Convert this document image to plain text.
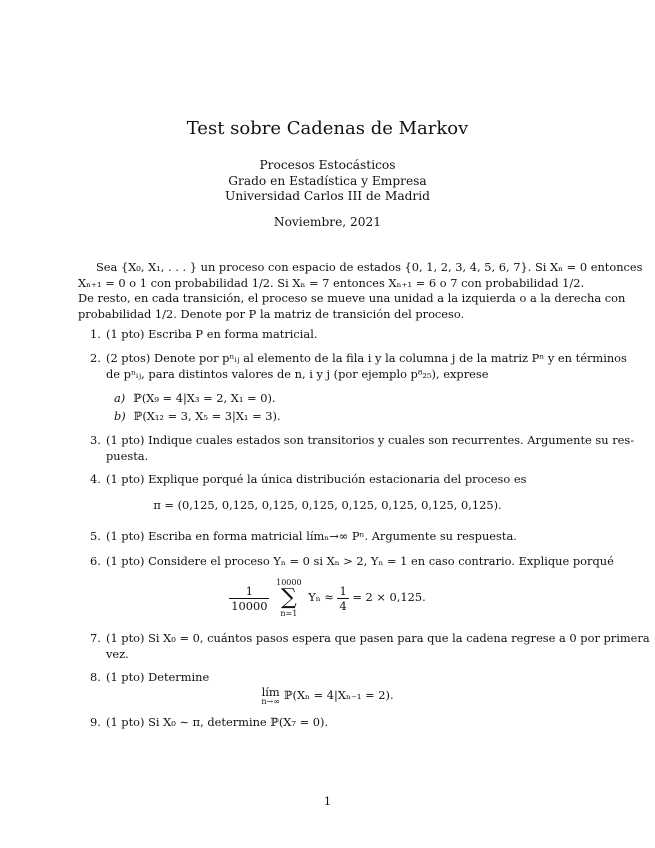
Test sobre Cadenas de Markov
Procesos Estocásticos
Grado en Estadística y Empresa
Universidad Carlos III de Madrid
Noviembre, 2021
Sea {X₀, X₁, . . . } un proceso con espacio de estados {0, 1, 2, 3, 4, 5, 6, 7}. Si Xₙ = 0 entonces
Xₙ₊₁ = 0 o 1 con probabilidad 1/2. Si Xₙ = 7 entonces Xₙ₊₁ = 6 o 7 con probabilidad 1/2.
De resto, en cada transición, el proceso se mueve una unidad a la izquierda o a la derecha con
probabilidad 1/2. Denote por P la matriz de transición del proceso.
1. (1 pto) Escriba P en forma matricial.
2. (2 ptos) Denote por pⁿᵢⱼ al elemento de la fila i y la columna j de la matriz Pⁿ y en términos
de pⁿᵢⱼ, para distintos valores de n, i y j (por ejemplo p⁸₂₅), exprese
a) ℙ(X₉ = 4|X₃ = 2, X₁ = 0).
b) ℙ(X₁₂ = 3, X₅ = 3|X₁ = 3).
3. (1 pto) Indique cuales estados son transitorios y cuales son recurrentes. Argumente su res-
puesta.
4. (1 pto) Explique porqué la única distribución estacionaria del proceso es
π = (0,125, 0,125, 0,125, 0,125, 0,125, 0,125, 0,125, 0,125).
5. (1 pto) Escriba en forma matricial límₙ→∞ Pⁿ. Argumente su respuesta.
6. (1 pto) Considere el proceso Yₙ = 0 si Xₙ > 2, Yₙ = 1 en caso contrario. Explique porqué
$\frac{1}{10000}$

10000
∑
n=1
$Y_n \approx \frac{1}{4} = 2 \times 0,125$.
7. (1 pto) Si X₀ = 0, cuántos pasos espera que pasen para que la cadena regrese a 0 por primera
vez.
8. (1 pto) Determine
lím
n→∞ ℙ(Xₙ = 4|Xₙ₋₁ = 2).
9. (1 pto) Si X₀ ∼ π, determine ℙ(X₇ = 0).
1
